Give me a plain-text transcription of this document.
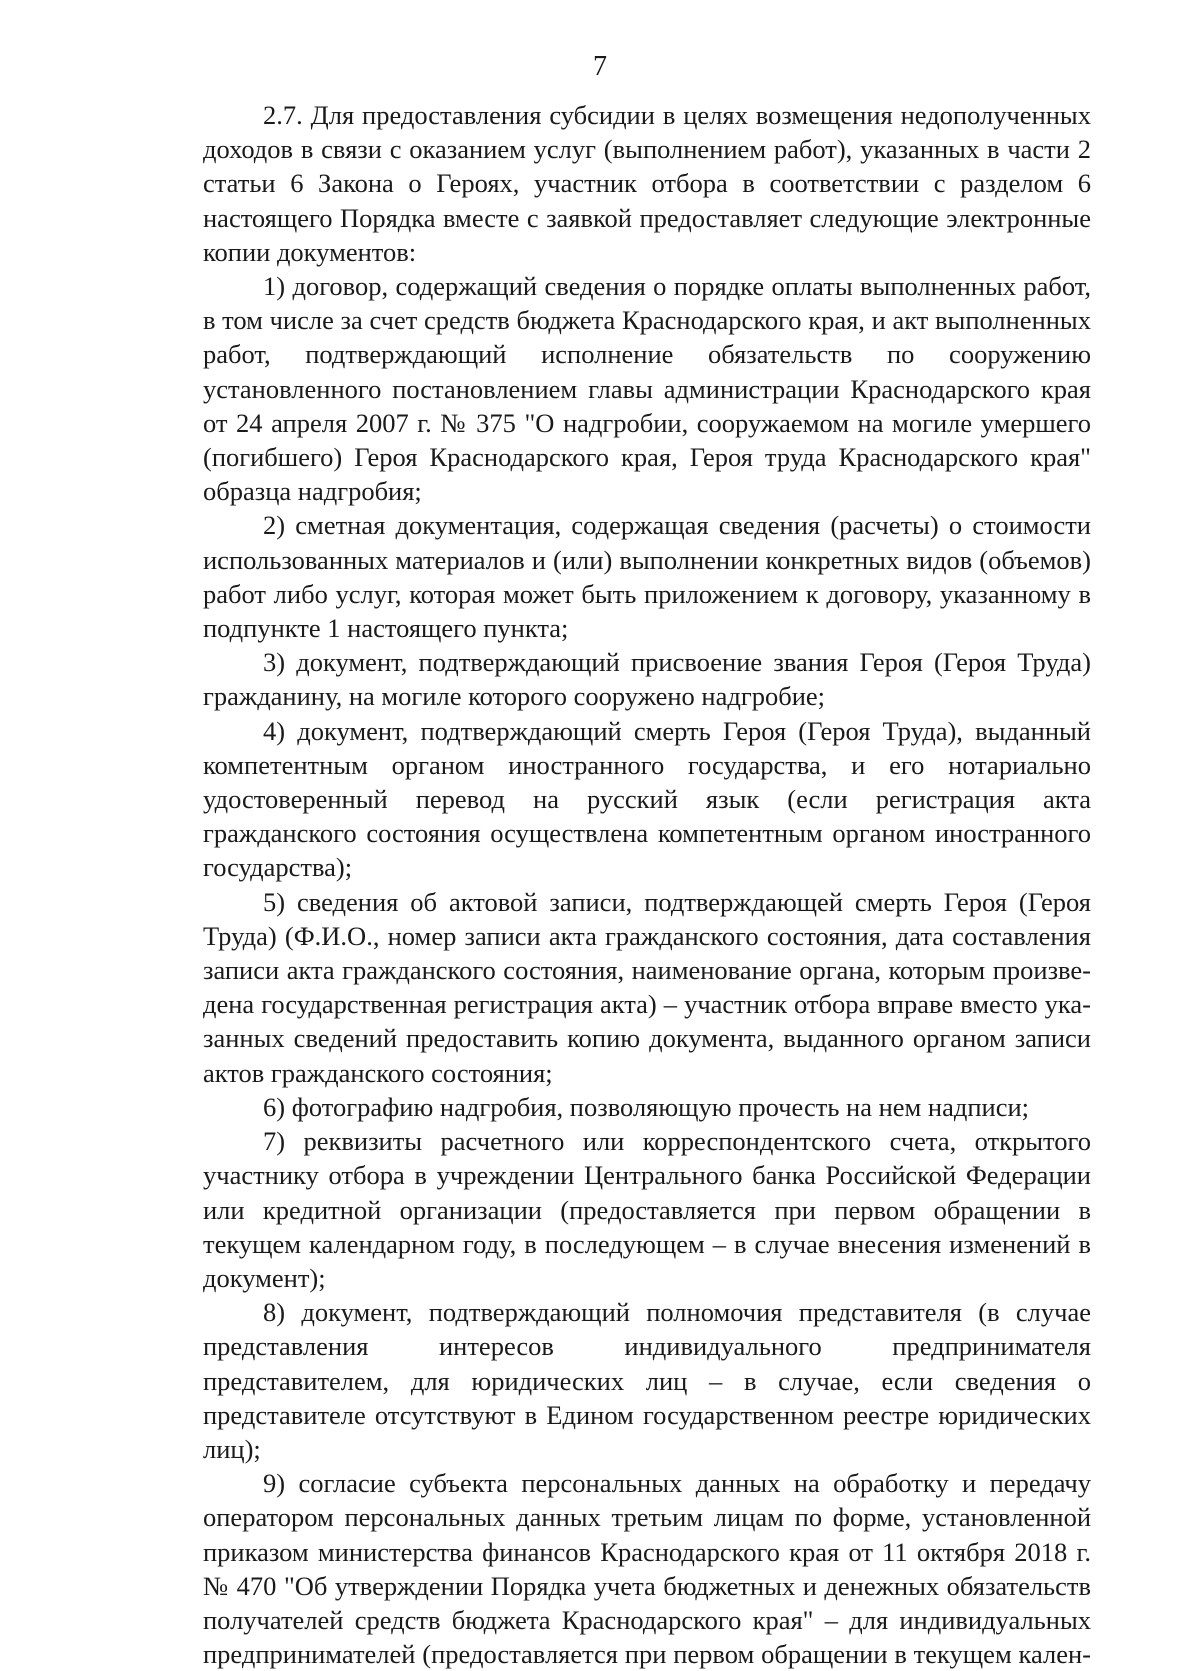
7

2.7. Для предоставления субсидии в целях возмещения недополученных доходов в связи с оказанием услуг (выполнением работ), указанных в части 2 статьи 6 Закона о Героях, участник отбора в соответствии с разделом 6 настоящего Порядка вместе с заявкой предоставляет следующие электронные копии документов:

1) договор, содержащий сведения о порядке оплаты выполненных работ, в том числе за счет средств бюджета Краснодарского края, и акт выполненных работ, подтверждающий исполнение обязательств по сооружению установленного постановлением главы администрации Краснодарского края от 24 апреля 2007 г. № 375 "О надгробии, сооружаемом на могиле умершего (погибшего) Героя Краснодарского края, Героя труда Краснодарского края" образца надгробия;

2) сметная документация, содержащая сведения (расчеты) о стоимости использованных материалов и (или) выполнении конкретных видов (объемов) работ либо услуг, которая может быть приложением к договору, указанному в подпункте 1 настоящего пункта;

3) документ, подтверждающий присвоение звания Героя (Героя Труда) гражданину, на могиле которого сооружено надгробие;

4) документ, подтверждающий смерть Героя (Героя Труда), выданный компетентным органом иностранного государства, и его нотариально удостоверенный перевод на русский язык (если регистрация акта гражданского состояния осуществлена компетентным органом иностранного государства);

5) сведения об актовой записи, подтверждающей смерть Героя (Героя Труда) (Ф.И.О., номер записи акта гражданского состояния, дата составления записи акта гражданского состояния, наименование органа, которым произведена государственная регистрация акта) – участник отбора вправе вместо указанных сведений предоставить копию документа, выданного органом записи актов гражданского состояния;

6) фотографию надгробия, позволяющую прочесть на нем надписи;

7) реквизиты расчетного или корреспондентского счета, открытого участнику отбора в учреждении Центрального банка Российской Федерации или кредитной организации (предоставляется при первом обращении в текущем календарном году, в последующем – в случае внесения изменений в документ);

8) документ, подтверждающий полномочия представителя (в случае представления интересов индивидуального предпринимателя представителем, для юридических лиц – в случае, если сведения о представителе отсутствуют в Едином государственном реестре юридических лиц);

9) согласие субъекта персональных данных на обработку и передачу оператором персональных данных третьим лицам по форме, установленной приказом министерства финансов Краснодарского края от 11 октября 2018 г. № 470 "Об утверждении Порядка учета бюджетных и денежных обязательств получателей средств бюджета Краснодарского края" – для индивидуальных предпринимателей (предоставляется при первом обращении в текущем кален-
